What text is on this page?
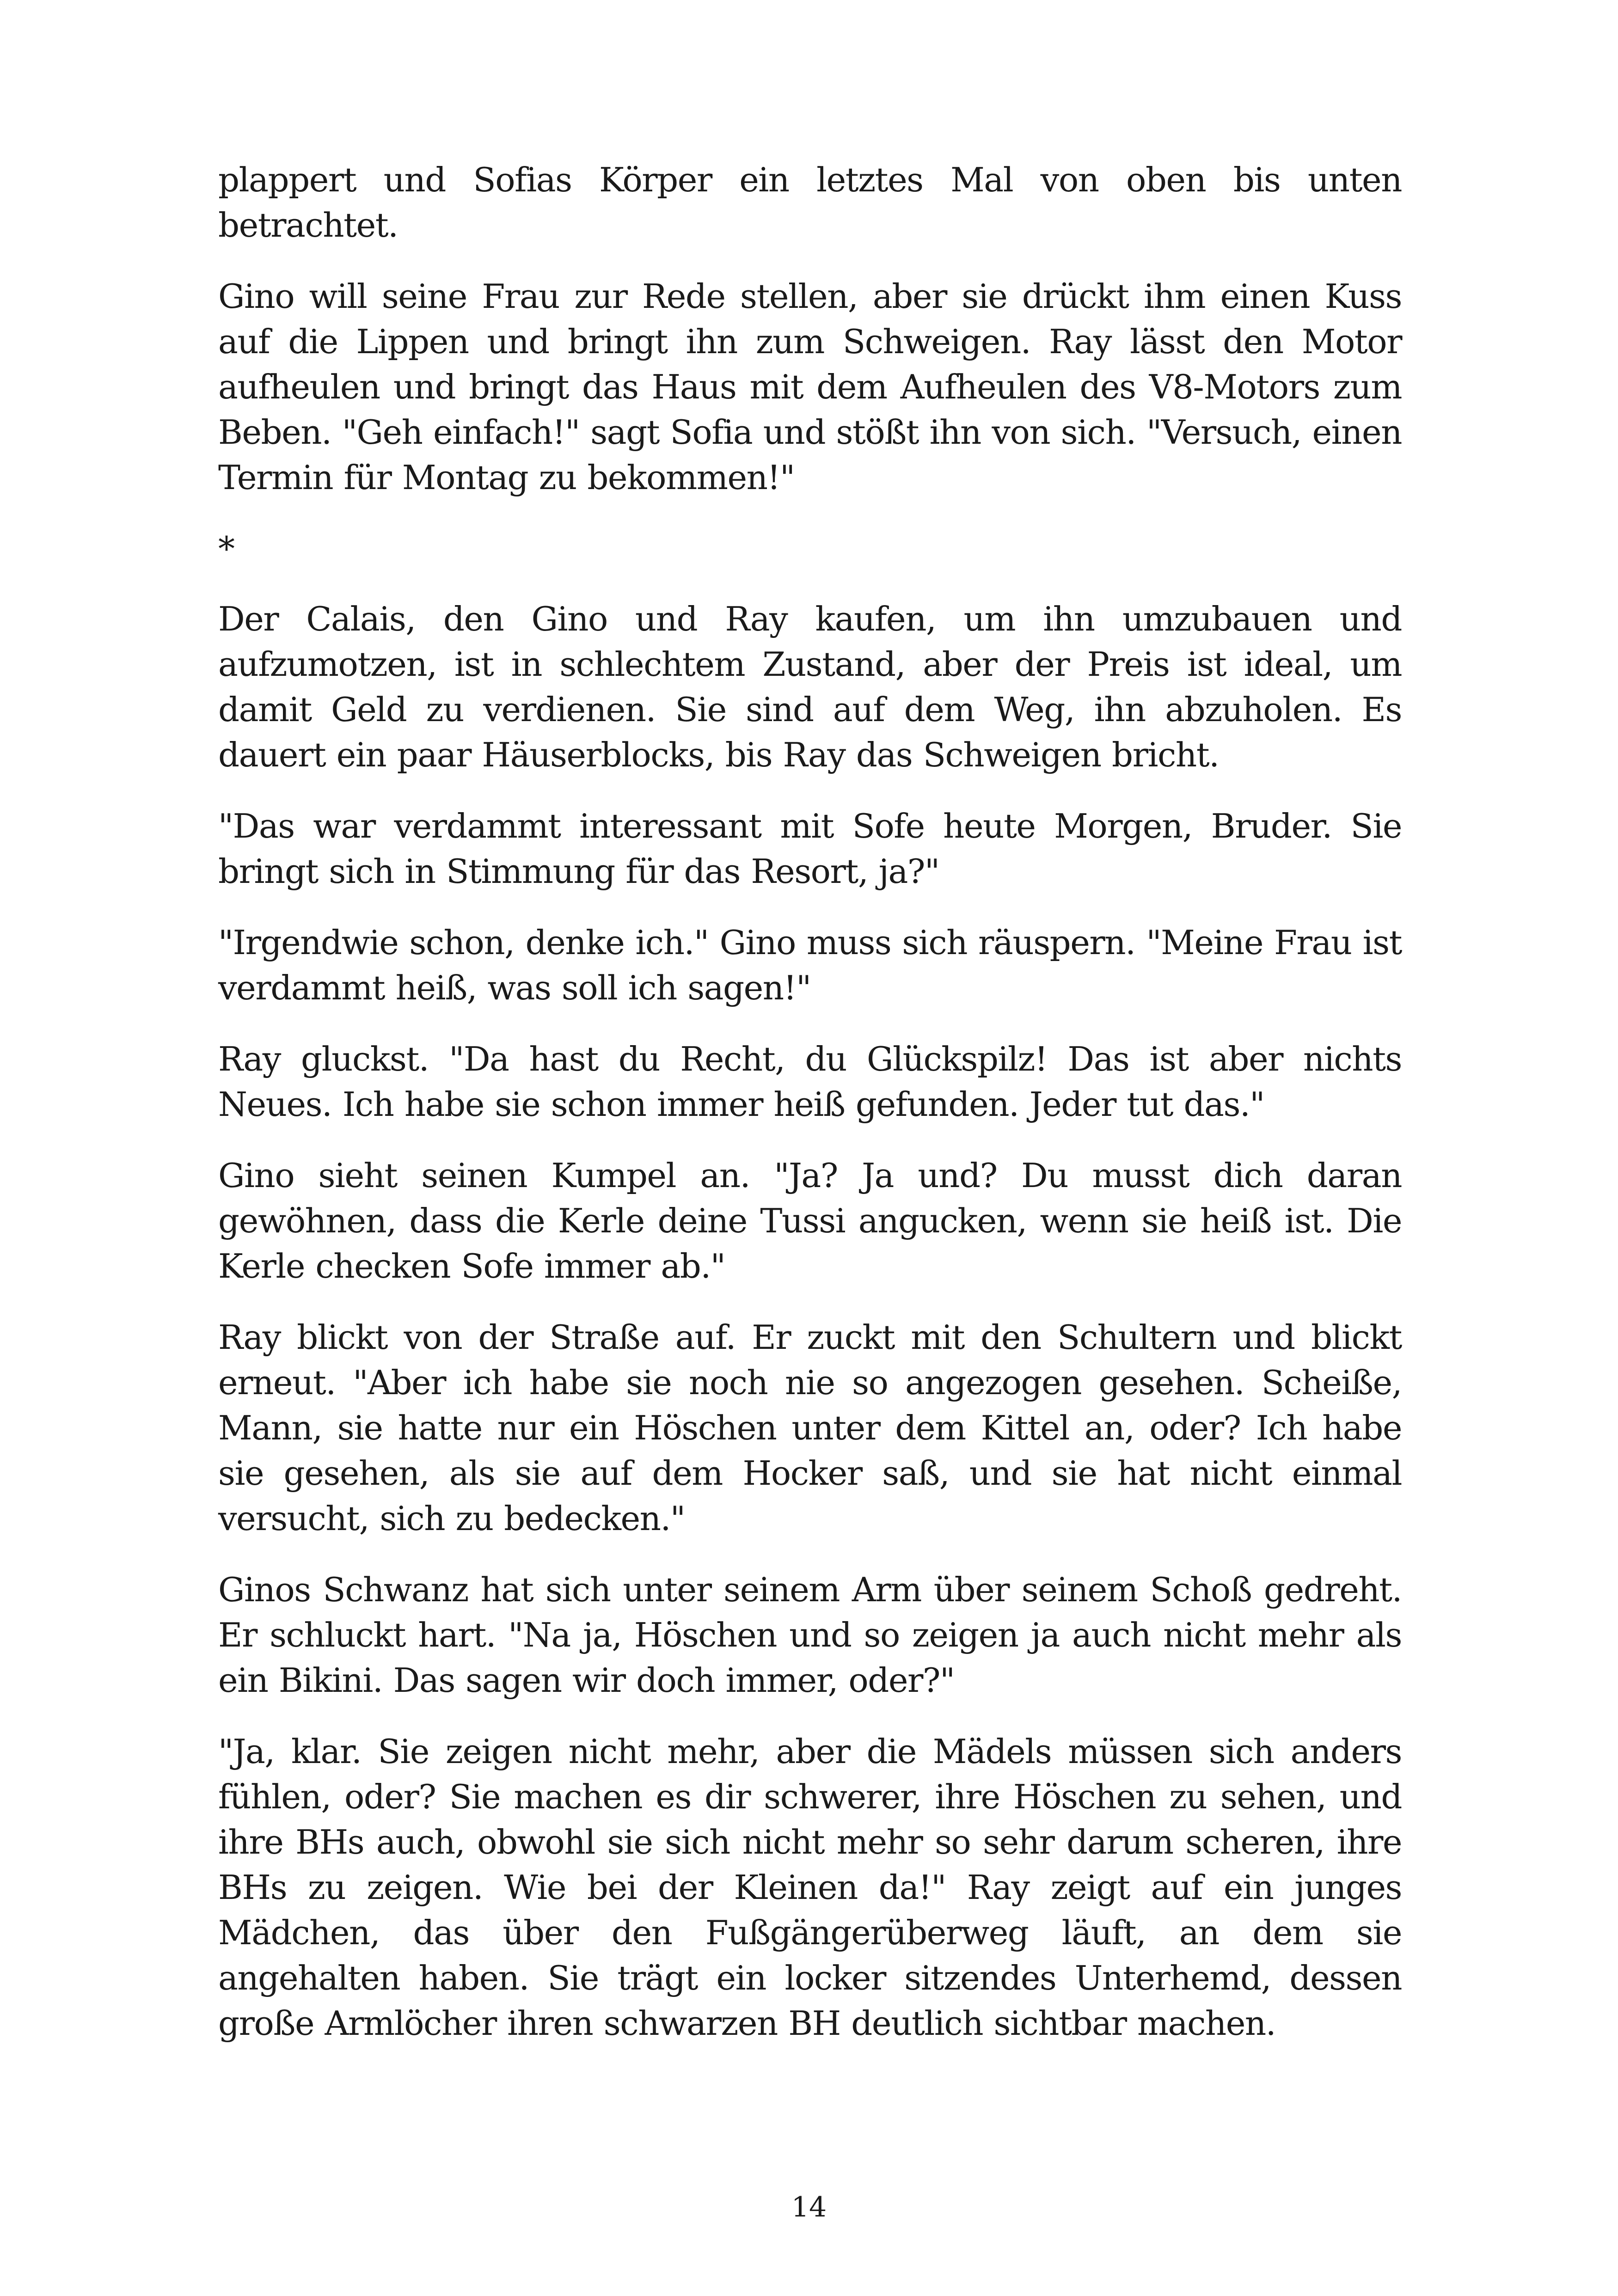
plappert und Sofias Körper ein letztes Mal von oben bis unten betrachtet.

Gino will seine Frau zur Rede stellen, aber sie drückt ihm einen Kuss auf die Lippen und bringt ihn zum Schweigen. Ray lässt den Motor aufheulen und bringt das Haus mit dem Aufheulen des V8-Motors zum Beben. "Geh einfach!" sagt Sofia und stößt ihn von sich. "Versuch, einen Termin für Montag zu bekommen!"

*

Der Calais, den Gino und Ray kaufen, um ihn umzubauen und aufzumotzen, ist in schlechtem Zustand, aber der Preis ist ideal, um damit Geld zu verdienen. Sie sind auf dem Weg, ihn abzuholen. Es dauert ein paar Häuserblocks, bis Ray das Schweigen bricht.

"Das war verdammt interessant mit Sofe heute Morgen, Bruder. Sie bringt sich in Stimmung für das Resort, ja?"

"Irgendwie schon, denke ich." Gino muss sich räuspern. "Meine Frau ist verdammt heiß, was soll ich sagen!"

Ray gluckst. "Da hast du Recht, du Glückspilz! Das ist aber nichts Neues. Ich habe sie schon immer heiß gefunden. Jeder tut das."

Gino sieht seinen Kumpel an. "Ja? Ja und? Du musst dich daran gewöhnen, dass die Kerle deine Tussi angucken, wenn sie heiß ist. Die Kerle checken Sofe immer ab."

Ray blickt von der Straße auf. Er zuckt mit den Schultern und blickt erneut. "Aber ich habe sie noch nie so angezogen gesehen. Scheiße, Mann, sie hatte nur ein Höschen unter dem Kittel an, oder? Ich habe sie gesehen, als sie auf dem Hocker saß, und sie hat nicht einmal versucht, sich zu bedecken."

Ginos Schwanz hat sich unter seinem Arm über seinem Schoß gedreht. Er schluckt hart. "Na ja, Höschen und so zeigen ja auch nicht mehr als ein Bikini. Das sagen wir doch immer, oder?"

"Ja, klar. Sie zeigen nicht mehr, aber die Mädels müssen sich anders fühlen, oder? Sie machen es dir schwerer, ihre Höschen zu sehen, und ihre BHs auch, obwohl sie sich nicht mehr so sehr darum scheren, ihre BHs zu zeigen. Wie bei der Kleinen da!" Ray zeigt auf ein junges Mädchen, das über den Fußgängerüberweg läuft, an dem sie angehalten haben. Sie trägt ein locker sitzendes Unterhemd, dessen große Armlöcher ihren schwarzen BH deutlich sichtbar machen.

14
